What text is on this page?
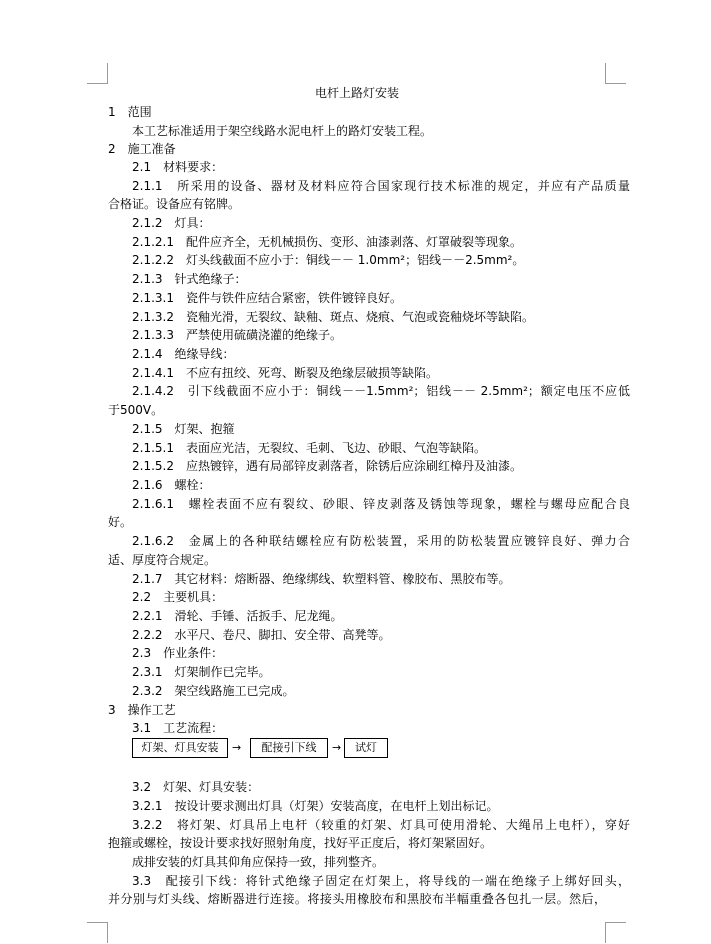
电杆上路灯安装
1　范围
本工艺标准适用于架空线路水泥电杆上的路灯安装工程。
2　施工准备
2.1　材料要求：
2.1.1　所采用的设备、器材及材料应符合国家现行技术标准的规定，并应有产品质量
合格证。设备应有铭牌。
2.1.2　灯具：
2.1.2.1　配件应齐全，无机械损伤、变形、油漆剥落、灯罩破裂等现象。
2.1.2.2　灯头线截面不应小于：铜线－－ 1.0mm²；铝线－－2.5mm²。
2.1.3　针式绝缘子：
2.1.3.1　瓷件与铁件应结合紧密，铁件镀锌良好。
2.1.3.2　瓷釉光滑，无裂纹、缺釉、斑点、烧痕、气泡或瓷釉烧坏等缺陷。
2.1.3.3　严禁使用硫磺浇灌的绝缘子。
2.1.4　绝缘导线：
2.1.4.1　不应有扭绞、死弯、断裂及绝缘层破损等缺陷。
2.1.4.2　引下线截面不应小于：铜线－－1.5mm²；铝线－－ 2.5mm²；额定电压不应低
于500V。
2.1.5　灯架、抱箍
2.1.5.1　表面应光洁，无裂纹、毛刺、飞边、砂眼、气泡等缺陷。
2.1.5.2　应热镀锌，遇有局部锌皮剥落者，除锈后应涂刷红樟丹及油漆。
2.1.6　螺栓：
2.1.6.1　螺栓表面不应有裂纹、砂眼、锌皮剥落及锈蚀等现象，螺栓与螺母应配合良
好。
2.1.6.2　金属上的各种联结螺栓应有防松装置，采用的防松装置应镀锌良好、弹力合
适、厚度符合规定。
2.1.7　其它材料：熔断器、绝缘绑线、软塑料管、橡胶布、黑胶布等。
2.2　主要机具：
2.2.1　滑轮、手锤、活扳手、尼龙绳。
2.2.2　水平尺、卷尺、脚扣、安全带、高凳等。
2.3　作业条件：
2.3.1　灯架制作已完毕。
2.3.2　架空线路施工已完成。
3　操作工艺
3.1　工艺流程：
灯架、灯具安装	→	配接引下线	→	试灯
3.2　灯架、灯具安装：
3.2.1　按设计要求测出灯具（灯架）安装高度，在电杆上划出标记。
3.2.2　将灯架、灯具吊上电杆（较重的灯架、灯具可使用滑轮、大绳吊上电杆），穿好
抱箍或螺栓，按设计要求找好照射角度，找好平正度后，将灯架紧固好。
成排安装的灯具其仰角应保持一致，排列整齐。
3.3　配接引下线：将针式绝缘子固定在灯架上，将导线的一端在绝缘子上绑好回头，
并分别与灯头线、熔断器进行连接。将接头用橡胶布和黑胶布半幅重叠各包扎一层。然后，
